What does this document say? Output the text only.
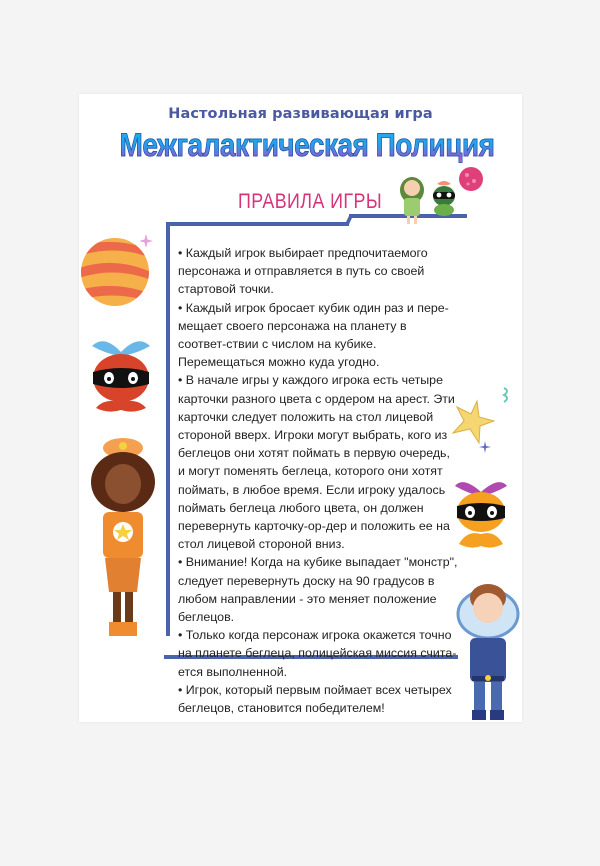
Настольная развивающая игра
Межгалактическая Полиция
ПРАВИЛА ИГРЫ
• Каждый игрок выбирает предпочитаемого персонажа и отправляется в путь со своей стартовой точки.
• Каждый игрок бросает кубик один раз и пере-мещает своего персонажа на планету в соответ-ствии с числом на кубике. Перемещаться можно куда угодно.
• В начале игры у каждого игрока есть четыре карточки разного цвета с ордером на арест. Эти карточки следует положить на стол лицевой стороной вверх. Игроки могут выбрать, кого из беглецов они хотят поймать в первую очередь, и могут поменять беглеца, которого они хотят поймать, в любое время. Если игроку удалось поймать беглеца любого цвета, он должен перевернуть карточку-ор-дер и положить ее на стол лицевой стороной вниз.
• Внимание! Когда на кубике выпадает "монстр", следует перевернуть доску на 90 градусов в любом направлении - это меняет положение беглецов.
• Только когда персонаж игрока окажется точно на планете беглеца, полицейская миссия счита-ется выполненной.
• Игрок, который первым поймает всех четырех беглецов, становится победителем!
